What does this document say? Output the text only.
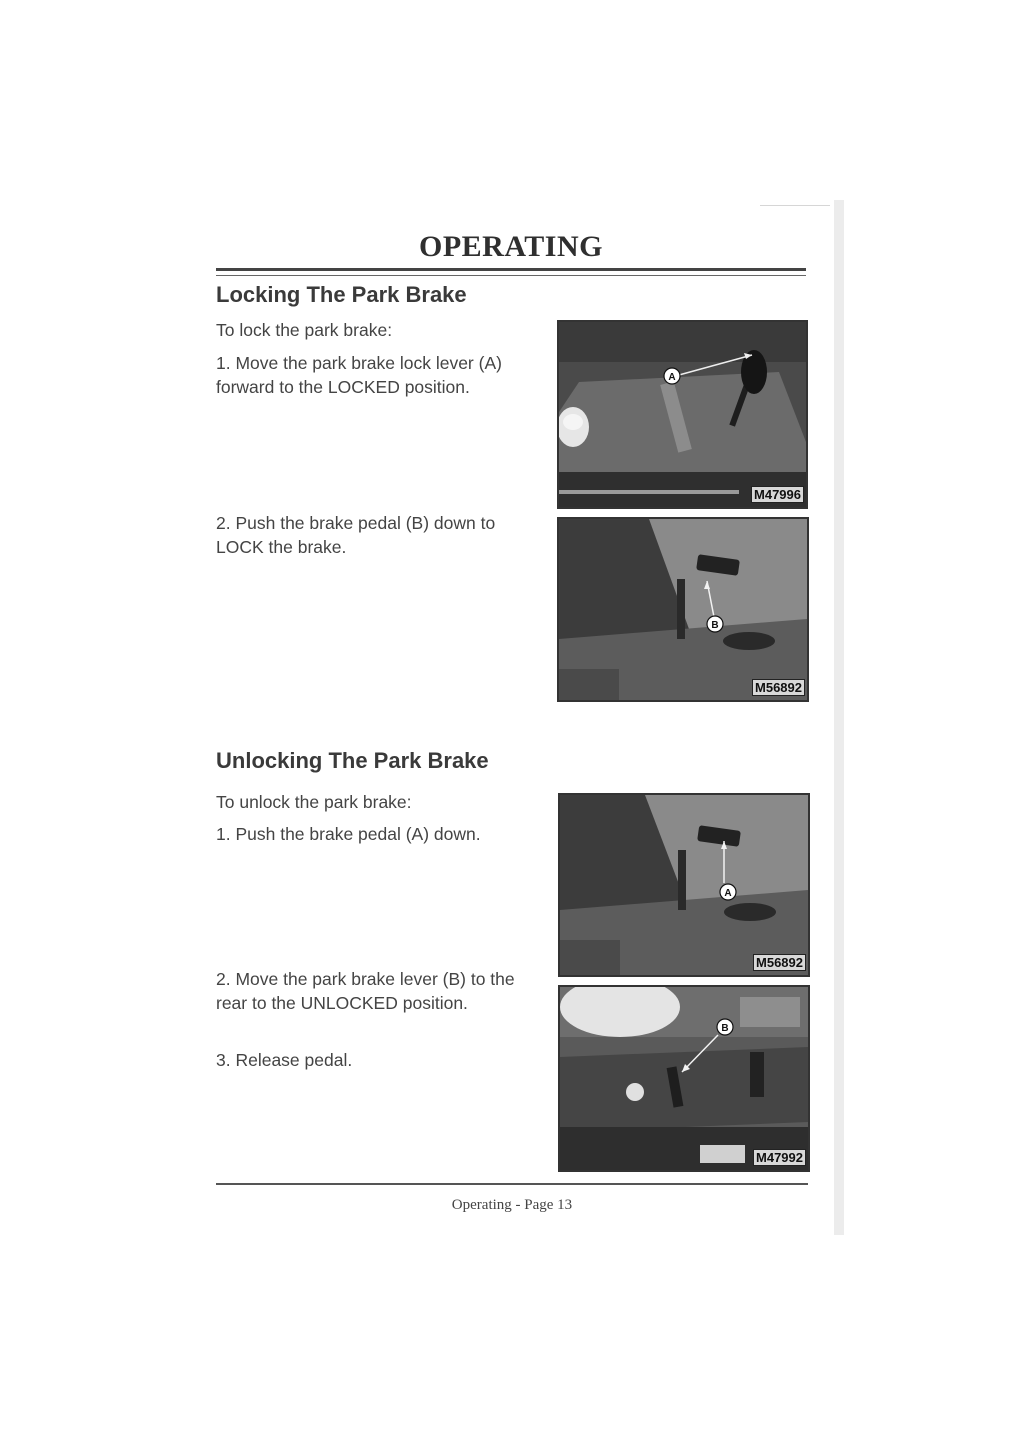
OPERATING
Locking The Park Brake
To lock the park brake:
1. Move the park brake lock lever (A) forward to the LOCKED position.
2. Push the brake pedal (B) down to LOCK the brake.
A
M47996
B
M56892
Unlocking The Park Brake
To unlock the park brake:
1. Push the brake pedal (A) down.
2. Move the park brake lever (B) to the rear to the UNLOCKED position.
3. Release pedal.
A
M56892
B
M47992
Operating - Page 13
